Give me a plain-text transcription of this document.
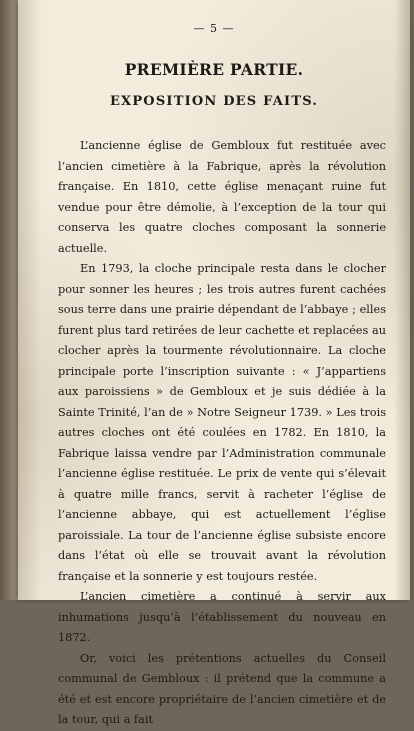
— 5 —
PREMIÈRE PARTIE.
EXPOSITION DES FAITS.

L’ancienne église de Gembloux fut restituée avec l’ancien cimetière à la Fabrique, après la révolution française. En 1810, cette église menaçant ruine fut vendue pour être démolie, à l’exception de la tour qui conserva les quatre cloches composant la sonnerie actuelle.

En 1793, la cloche principale resta dans le clocher pour sonner les heures ; les trois autres furent cachées sous terre dans une prairie dépendant de l’abbaye ; elles furent plus tard retirées de leur cachette et replacées au clocher après la tourmente révolutionnaire. La cloche principale porte l’inscription suivante : « J’appartiens aux paroissiens » de Gembloux et je suis dédiée à la Sainte Trinité, l’an de » Notre Seigneur 1739. » Les trois autres cloches ont été coulées en 1782. En 1810, la Fabrique laissa vendre par l’Administration communale l’ancienne église restituée. Le prix de vente qui s’élevait à quatre mille francs, servit à racheter l’église de l’ancienne abbaye, qui est actuellement l’église paroissiale. La tour de l’ancienne église subsiste encore dans l’état où elle se trouvait avant la révolution française et la sonnerie y est toujours restée.

L’ancien cimetière a continué à servir aux inhumations jusqu’à l’établissement du nouveau en 1872.

Or, voici les prétentions actuelles du Conseil communal de Gembloux : il prétend que la commune a été et est encore propriétaire de l’ancien cimetière et de la tour, qui a fait
